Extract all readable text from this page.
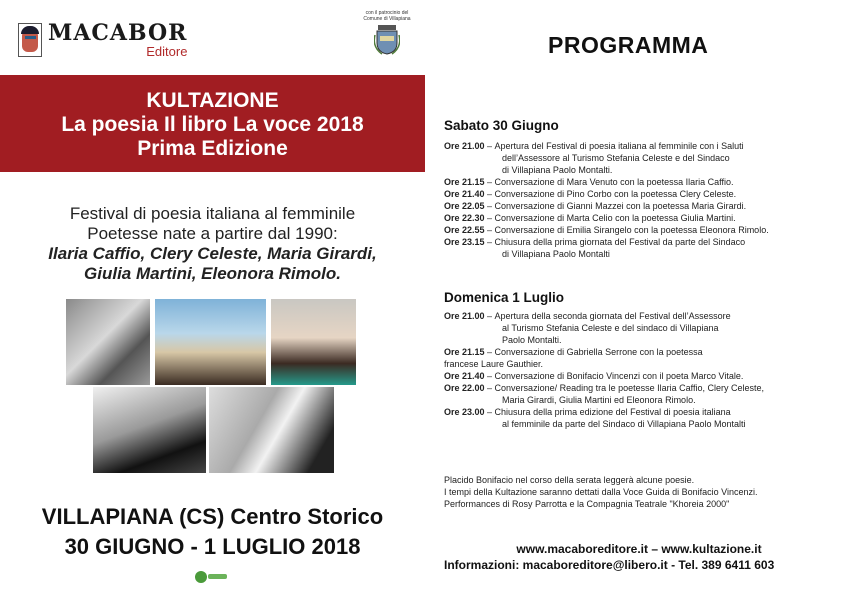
MACABOR
Editore
con il patrocinio del Comune di Villapiana
KULTAZIONE
La poesia Il libro La voce 2018
Prima Edizione
Festival di poesia italiana al femminile
Poetesse nate a partire dal 1990:
Ilaria Caffio, Clery Celeste, Maria Girardi,
Giulia Martini, Eleonora Rimolo.
VILLAPIANA (CS) Centro Storico
30 GIUGNO - 1 LUGLIO 2018
PROGRAMMA
Sabato 30 Giugno
Ore 21.00 – Apertura del Festival di poesia italiana al femminile con i Saluti
dell’Assessore al Turismo Stefania Celeste e del Sindaco
di Villapiana Paolo Montalti.
Ore 21.15 – Conversazione di Mara Venuto con la poetessa Ilaria Caffio.
Ore 21.40 – Conversazione di Pino Corbo con la poetessa Clery Celeste.
Ore 22.05 – Conversazione di Gianni Mazzei con la poetessa Maria Girardi.
Ore 22.30 – Conversazione di Marta Celio con la poetessa Giulia Martini.
Ore 22.55 – Conversazione di Emilia Sirangelo con la poetessa Eleonora Rimolo.
Ore 23.15 – Chiusura della prima giornata del Festival da parte del Sindaco
di Villapiana Paolo Montalti
Domenica 1 Luglio
Ore 21.00 – Apertura della seconda giornata del Festival dell’Assessore
al Turismo Stefania Celeste e del sindaco di Villapiana
Paolo Montalti.
Ore 21.15 – Conversazione di Gabriella Serrone con la poetessa
francese Laure Gauthier.
Ore 21.40 – Conversazione di Bonifacio Vincenzi con il poeta Marco Vitale.
Ore 22.00 – Conversazione/ Reading tra le poetesse Ilaria Caffio, Clery Celeste,
Maria Girardi, Giulia Martini ed Eleonora Rimolo.
Ore 23.00 – Chiusura della prima edizione del Festival di poesia italiana
al femminile da parte del Sindaco di Villapiana Paolo Montalti
Placido Bonifacio nel corso della serata leggerà alcune poesie.
I tempi della Kultazione saranno dettati dalla Voce Guida di Bonifacio Vincenzi.
Performances di Rosy Parrotta e la Compagnia Teatrale "Khoreia 2000"
www.macaboreditore.it – www.kultazione.it
Informazioni: macaboreditore@libero.it - Tel. 389 6411 603
